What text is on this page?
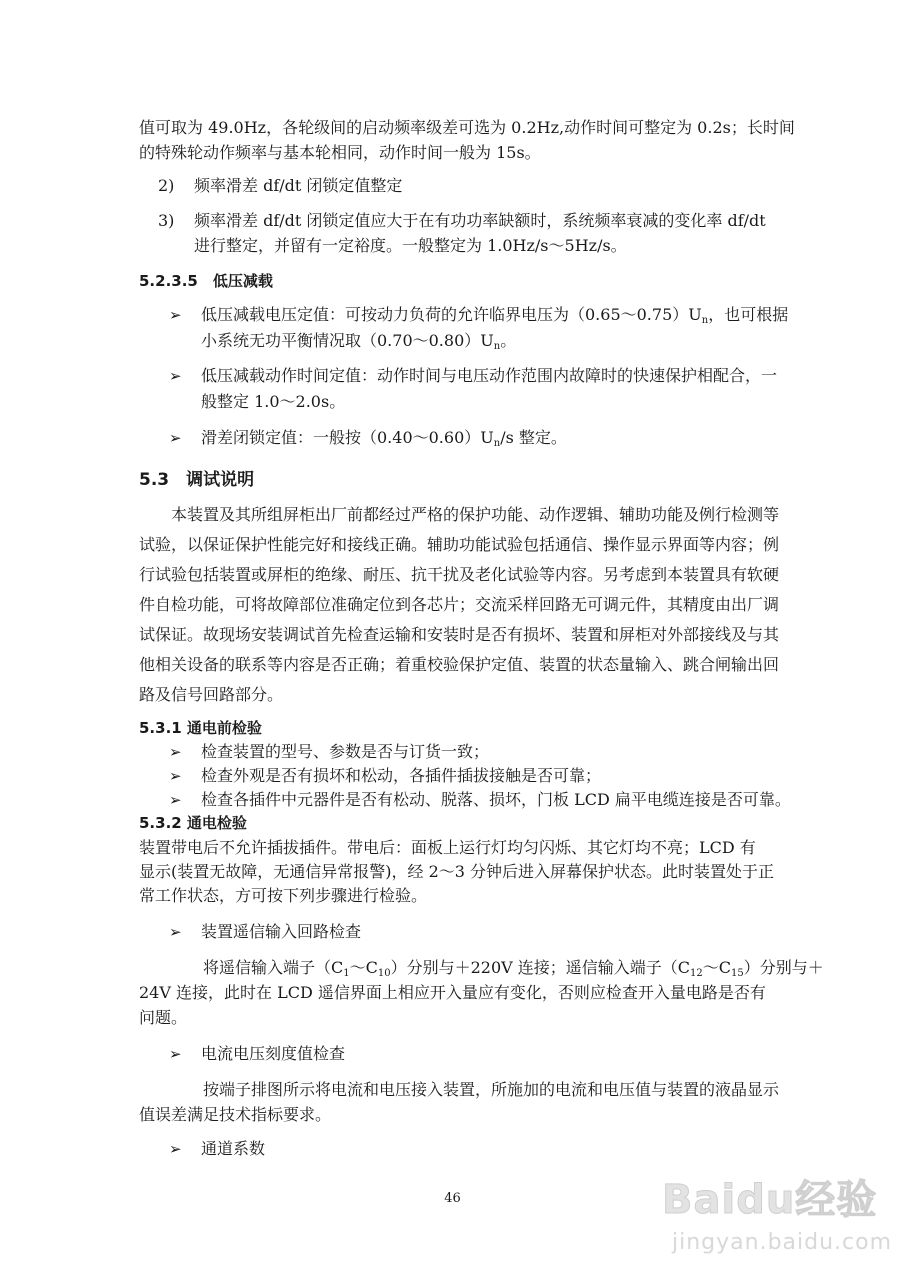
值可取为 49.0Hz，各轮级间的启动频率级差可选为 0.2Hz,动作时间可整定为 0.2s；长时间
的特殊轮动作频率与基本轮相同，动作时间一般为 15s。
2) 频率滑差 df/dt 闭锁定值整定
3) 频率滑差 df/dt 闭锁定值应大于在有功功率缺额时，系统频率衰减的变化率 df/dt
进行整定，并留有一定裕度。一般整定为 1.0Hz/s～5Hz/s。
5.2.3.5　低压减载
➢ 低压减载电压定值：可按动力负荷的允许临界电压为$(0.65\sim 0.75)U_n$，也可根据
小系统无功平衡情况取$(0.70\sim 0.80)U_n$。
➢ 低压减载动作时间定值：动作时间与电压动作范围内故障时的快速保护相配合，一
般整定 1.0～2.0s。
➢ 滑差闭锁定值：一般按$(0.40\sim 0.60)U_n/s$ 整定。
5.3　调试说明
本装置及其所组屏柜出厂前都经过严格的保护功能、动作逻辑、辅助功能及例行检测等
试验，以保证保护性能完好和接线正确。辅助功能试验包括通信、操作显示界面等内容；例
行试验包括装置或屏柜的绝缘、耐压、抗干扰及老化试验等内容。另考虑到本装置具有软硬
件自检功能，可将故障部位准确定位到各芯片；交流采样回路无可调元件，其精度由出厂调
试保证。故现场安装调试首先检查运输和安装时是否有损坏、装置和屏柜对外部接线及与其
他相关设备的联系等内容是否正确；着重校验保护定值、装置的状态量输入、跳合闸输出回
路及信号回路部分。
5.3.1 通电前检验
➢ 检查装置的型号、参数是否与订货一致；
➢ 检查外观是否有损坏和松动，各插件插拔接触是否可靠；
➢ 检查各插件中元器件是否有松动、脱落、损坏，门板 LCD 扁平电缆连接是否可靠。
5.3.2 通电检验
装置带电后不允许插拔插件。带电后：面板上运行灯均匀闪烁、其它灯均不亮；LCD 有
显示(装置无故障，无通信异常报警)，经 2～3 分钟后进入屏幕保护状态。此时装置处于正
常工作状态，方可按下列步骤进行检验。
➢ 装置遥信输入回路检查
将遥信输入端子$(C_1\sim C_{10})$分别与＋220V 连接；遥信输入端子$(C_{12}\sim C_{15})$分别与＋
24V 连接，此时在 LCD 遥信界面上相应开入量应有变化，否则应检查开入量电路是否有
问题。
➢ 电流电压刻度值检查
按端子排图所示将电流和电压接入装置，所施加的电流和电压值与装置的液晶显示
值误差满足技术指标要求。
➢ 通道系数
46	Baidu经验
jingyan.baidu.com
